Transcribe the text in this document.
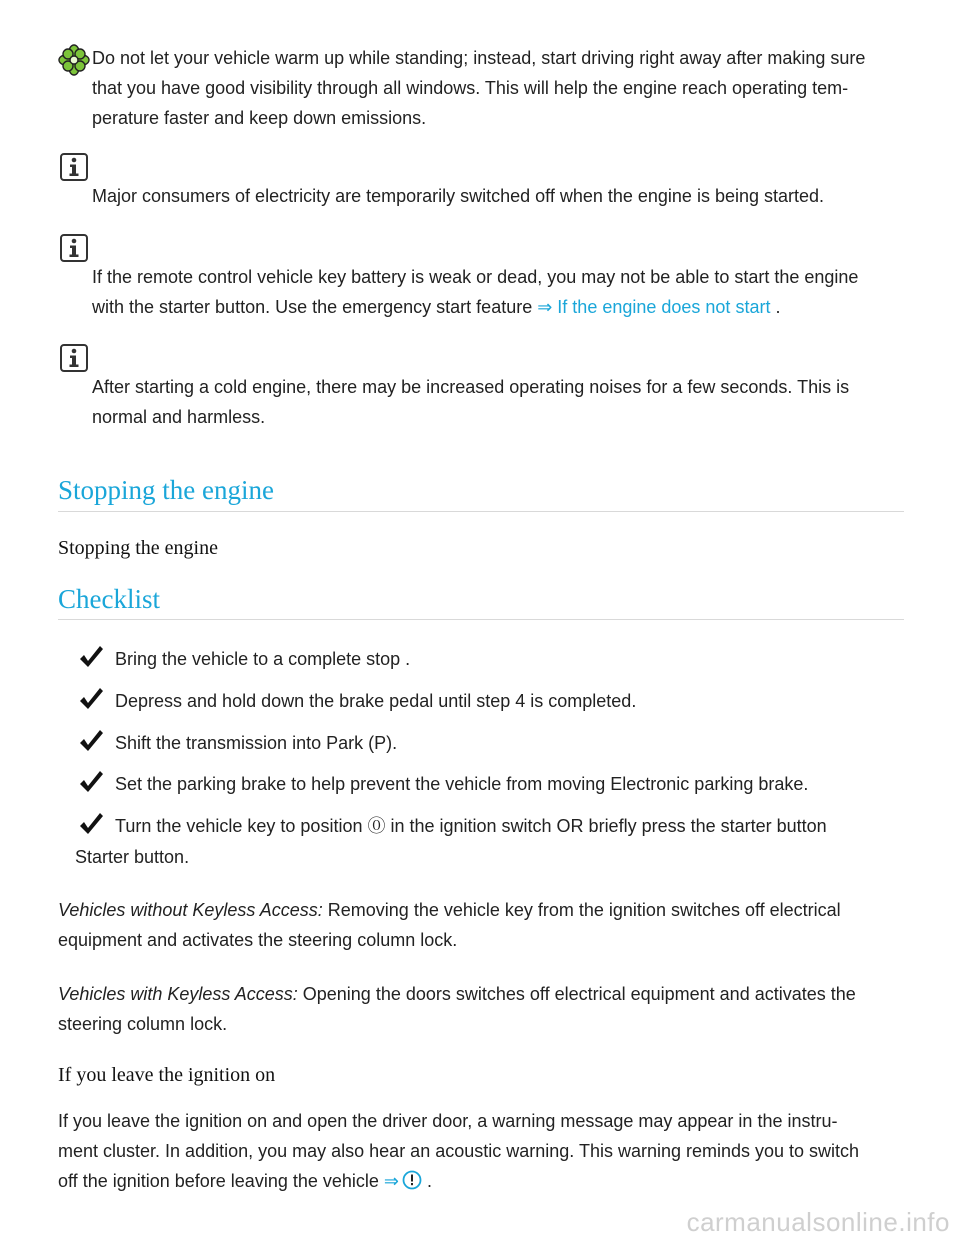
Do not let your vehicle warm up while standing; instead, start driving right away after making sure
that you have good visibility through all windows. This will help the engine reach operating tem-
perature faster and keep down emissions.
Major consumers of electricity are temporarily switched off when the engine is being started.
If the remote control vehicle key battery is weak or dead, you may not be able to start the engine
with the starter button. Use the emergency start feature ⇒ If the engine does not start .
After starting a cold engine, there may be increased operating noises for a few seconds. This is
normal and harmless.
Stopping the engine
Stopping the engine
Checklist
Bring the vehicle to a complete stop .
Depress and hold down the brake pedal until step 4 is completed.
Shift the transmission into Park (P).
Set the parking brake to help prevent the vehicle from moving Electronic parking brake.
Turn the vehicle key to position ⓪ in the ignition switch OR briefly press the starter button
Starter button.
Vehicles without Keyless Access: Removing the vehicle key from the ignition switches off electrical
equipment and activates the steering column lock.
Vehicles with Keyless Access: Opening the doors switches off electrical equipment and activates the
steering column lock.
If you leave the ignition on
If you leave the ignition on and open the driver door, a warning message may appear in the instru-
ment cluster. In addition, you may also hear an acoustic warning. This warning reminds you to switch
off the ignition before leaving the vehicle ⇒ .
carmanualsonline.info
